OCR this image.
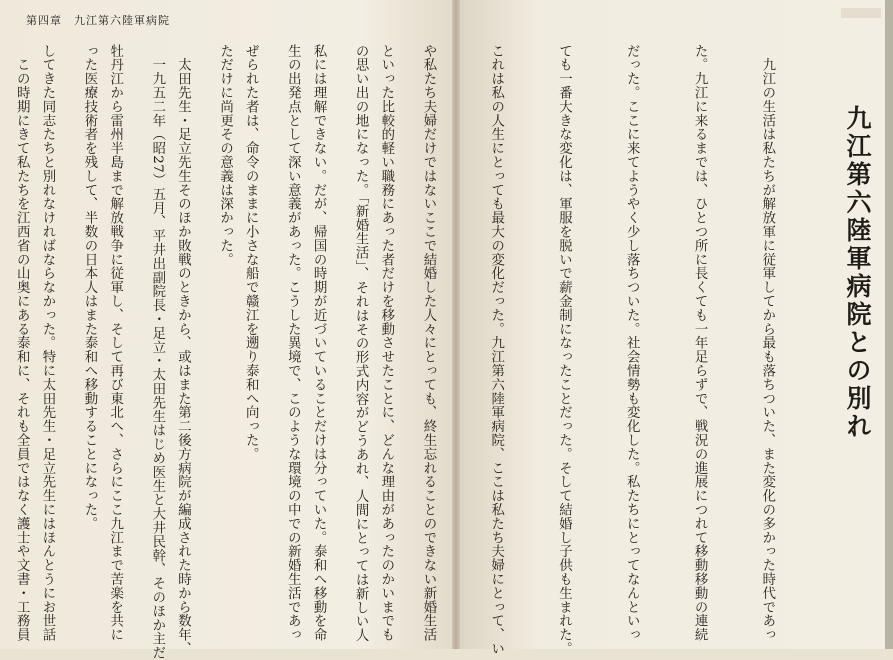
第四章　九江第六陸軍病院

といった比較的軽い職務にあった者だけを移動させたことに、どんな理由があったのかいまでも

私には理解できない。だが、帰国の時期が近づいていることだけは分っていた。泰和へ移動を命

ぜられた者は、命令のままに小さな船で赣江を遡り泰和へ向った。

　太田先生・足立先生そのほか敗戦のときから、或はまた第二後方病院が編成された時から数年、

牡丹江から雷州半島まで解放戦争に従軍し、そして再び東北へ、さらにここ九江まで苦楽を共に

してきた同志たちと別れなければならなかった。特に太田先生・足立先生にはほんとうにお世話

	九江第六陸軍病院との別れ

　九江の生活は私たちが解放軍に従軍してから最も落ちついた、また変化の多かった時代であっ

た。九江に来るまでは、ひとつ所に長くても一年足らずで、戦況の進展につれて移動移動の連続

だった。ここに来てようやく少し落ちついた。社会情勢も変化した。私たちにとってなんといっ

ても一番大きな変化は、軍服を脱いで薪金制になったことだった。そして結婚し子供も生まれた。

これは私の人生にとっても最大の変化だった。九江第六陸軍病院、ここは私たち夫婦にとって、い

や私たち夫婦だけではないここで結婚した人々にとっても、終生忘れることのできない新婚生活

の思い出の地になった。「新婚生活」、それはその形式内容がどうあれ、人間にとっては新しい人

生の出発点として深い意義があった。こうした異境で、このような環境の中での新婚生活であっ

ただけに尚更その意義は深かった。

　一九五二年（昭27）五月、平井出副院長・足立・太田先生はじめ医生と大井民幹、そのほか主だ

った医療技術者を残して、半数の日本人はまた泰和へ移動することになった。

　この時期にきて私たちを江西省の山奥にある泰和に、それも全員ではなく護士や文書・工務員
